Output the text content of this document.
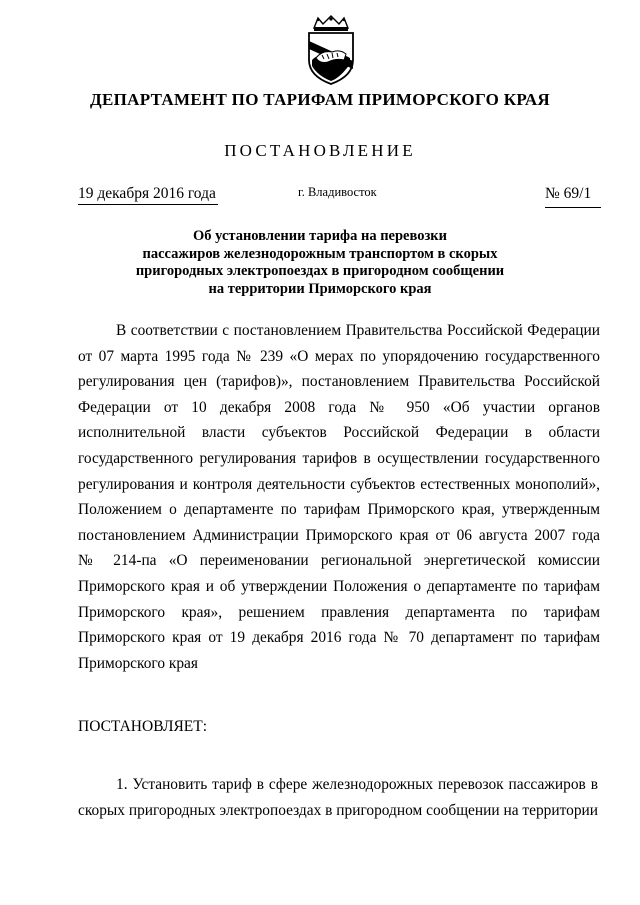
ДЕПАРТАМЕНТ ПО ТАРИФАМ ПРИМОРСКОГО КРАЯ
ПОСТАНОВЛЕНИЕ
19 декабря 2016 года	г. Владивосток	№ 69/1
Об установлении тарифа на перевозки
пассажиров железнодорожным транспортом в скорых
пригородных электропоездах в пригородном сообщении
на территории Приморского края
В соответствии с постановлением Правительства Российской Федерации
от 07 марта 1995 года № 239 «О мерах по упорядочению государственного
регулирования цен (тарифов)», постановлением Правительства Российской
Федерации от 10 декабря 2008 года № 950 «Об участии органов
исполнительной власти субъектов Российской Федерации в области
государственного регулирования тарифов в осуществлении государственного
регулирования и контроля деятельности субъектов естественных монополий»,
Положением о департаменте по тарифам Приморского края, утвержденным
постановлением Администрации Приморского края от 06 августа 2007 года
№ 214-па «О переименовании региональной энергетической комиссии
Приморского края и об утверждении Положения о департаменте по тарифам
Приморского края», решением правления департамента по тарифам
Приморского края от 19 декабря 2016 года № 70 департамент по тарифам
Приморского края
ПОСТАНОВЛЯЕТ:
1. Установить тариф в сфере железнодорожных перевозок пассажиров в
скорых пригородных электропоездах в пригородном сообщении на территории
